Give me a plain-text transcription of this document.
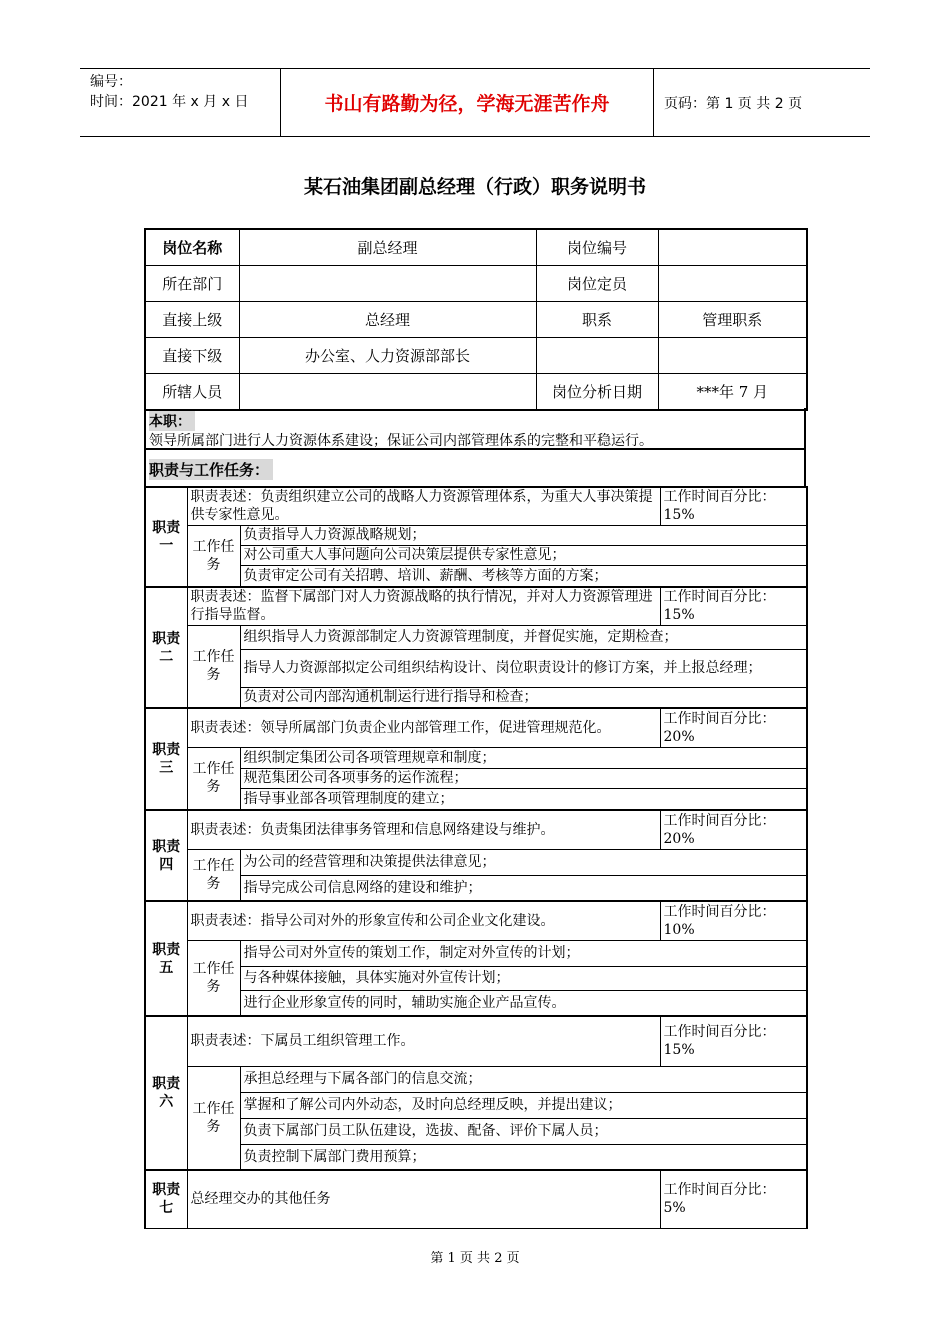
编号：
时间：2021 年 x 月 x 日	书山有路勤为径，学海无涯苦作舟	页码：第 1 页 共 2 页
某石油集团副总经理（行政）职务说明书
岗位名称	副总经理	岗位编号	
所在部门		岗位定员	
直接上级	总经理	职系	管理职系
直接下级	办公室、人力资源部部长		
所辖人员		岗位分析日期	***年 7 月
本职：
领导所属部门进行人力资源体系建设；保证公司内部管理体系的完整和平稳运行。
职责与工作任务：
职责一	职责表述：负责组织建立公司的战略人力资源管理体系，为重大人事决策提供专家性意见。		工作时间百分比：
15%

	工作任务	负责指导人力资源战略规划；	
		对公司重大人事问题向公司决策层提供专家性意见；	
		负责审定公司有关招聘、培训、薪酬、考核等方面的方案；	
职责二	职责表述：监督下属部门对人力资源战略的执行情况，并对人力资源管理进行指导监督。		工作时间百分比：
15%

	工作任务	组织指导人力资源部制定人力资源管理制度，并督促实施，定期检查；	
		指导人力资源部拟定公司组织结构设计、岗位职责设计的修订方案，并上报总经理；	
		负责对公司内部沟通机制运行进行指导和检查；	
职责三	职责表述：领导所属部门负责企业内部管理工作，促进管理规范化。		工作时间百分比：
20%

	工作任务	组织制定集团公司各项管理规章和制度；	
		规范集团公司各项事务的运作流程；	
		指导事业部各项管理制度的建立；	
职责四	职责表述：负责集团法律事务管理和信息网络建设与维护。		工作时间百分比：
20%

	工作任务	为公司的经营管理和决策提供法律意见；	
		指导完成公司信息网络的建设和维护；	
职责五	职责表述：指导公司对外的形象宣传和公司企业文化建设。		工作时间百分比：
10%

	工作任务	指导公司对外宣传的策划工作，制定对外宣传的计划；	
		与各种媒体接触，具体实施对外宣传计划；	
		进行企业形象宣传的同时，辅助实施企业产品宣传。	
职责六	职责表述：下属员工组织管理工作。		工作时间百分比：
15%

	工作任务	承担总经理与下属各部门的信息交流；	
		掌握和了解公司内外动态，及时向总经理反映，并提出建议；	
		负责下属部门员工队伍建设，选拔、配备、评价下属人员；	
		负责控制下属部门费用预算；	
职责七	总经理交办的其他任务		工作时间百分比：
5%
第 1 页 共 2 页
